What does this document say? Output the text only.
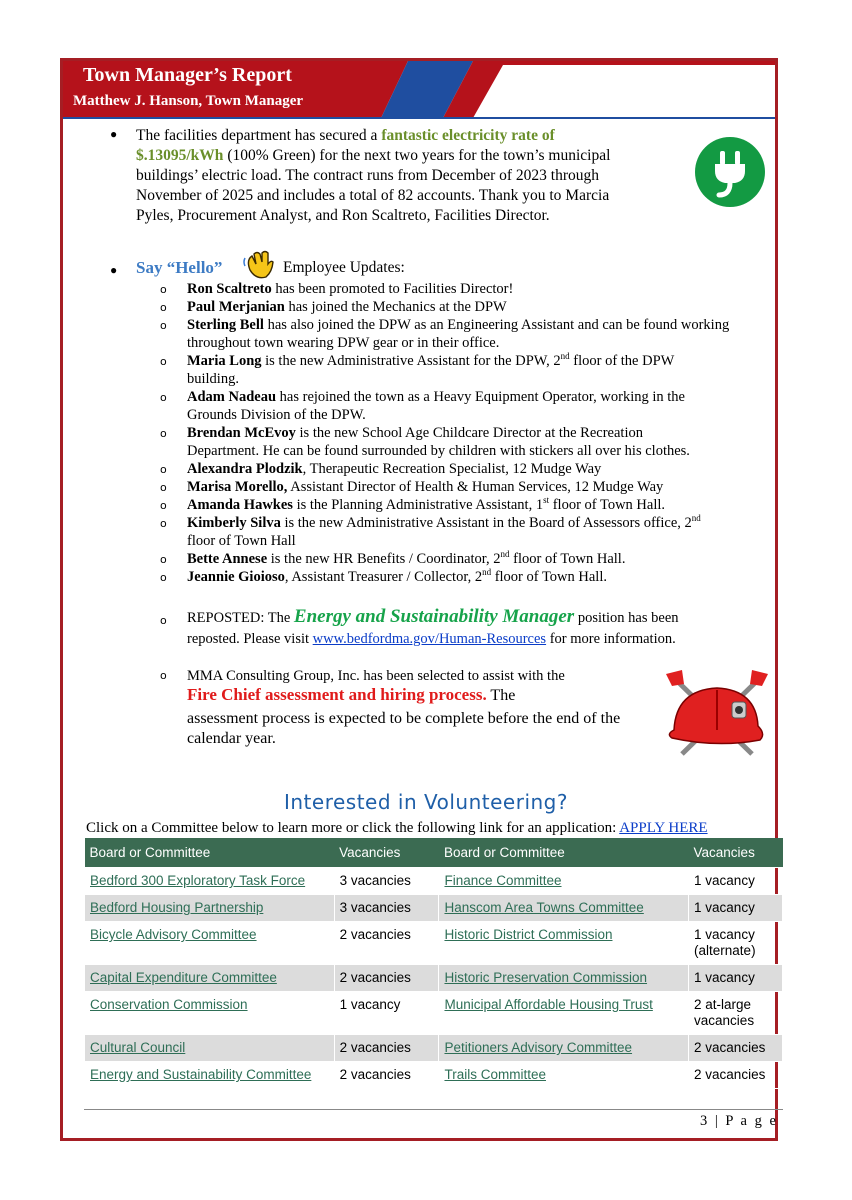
Town Manager’s Report
Matthew J. Hanson, Town Manager
● The facilities department has secured a fantastic electricity rate of
$.13095/kWh (100% Green) for the next two years for the town’s municipal
buildings’ electric load. The contract runs from December of 2023 through
November of 2025 and includes a total of 82 accounts. Thank you to Marcia
Pyles, Procurement Analyst, and Ron Scaltreto, Facilities Director.
● Say “Hello”	Employee Updates:
o Ron Scaltreto has been promoted to Facilities Director!
o Paul Merjanian has joined the Mechanics at the DPW
o Sterling Bell has also joined the DPW as an Engineering Assistant and can be found working
throughout town wearing DPW gear or in their office.
o Maria Long is the new Administrative Assistant for the DPW, 2nd floor of the DPW
building.
o Adam Nadeau has rejoined the town as a Heavy Equipment Operator, working in the
Grounds Division of the DPW.
o Brendan McEvoy is the new School Age Childcare Director at the Recreation
Department. He can be found surrounded by children with stickers all over his clothes.
o Alexandra Plodzik, Therapeutic Recreation Specialist, 12 Mudge Way
o Marisa Morello, Assistant Director of Health & Human Services, 12 Mudge Way
o Amanda Hawkes is the Planning Administrative Assistant, 1st floor of Town Hall.
o Kimberly Silva is the new Administrative Assistant in the Board of Assessors office, 2nd
floor of Town Hall
o Bette Annese is the new HR Benefits / Coordinator, 2nd floor of Town Hall.
o Jeannie Gioioso, Assistant Treasurer / Collector, 2nd floor of Town Hall.
o REPOSTED: The Energy and Sustainability Manager position has been
reposted. Please visit www.bedfordma.gov/Human-Resources for more information.
o MMA Consulting Group, Inc. has been selected to assist with the
Fire Chief assessment and hiring process. The
assessment process is expected to be complete before the end of the
calendar year.
Interested in Volunteering?
Click on a Committee below to learn more or click the following link for an application: APPLY HERE
Board or Committee	Vacancies	Board or Committee	Vacancies
Bedford 300 Exploratory Task Force	3 vacancies	Finance Committee	1 vacancy
Bedford Housing Partnership	3 vacancies	Hanscom Area Towns Committee	1 vacancy
Bicycle Advisory Committee	2 vacancies	Historic District Commission	1 vacancy (alternate)
Capital Expenditure Committee	2 vacancies	Historic Preservation Commission	1 vacancy
Conservation Commission	1 vacancy	Municipal Affordable Housing Trust	2 at-large vacancies
Cultural Council	2 vacancies	Petitioners Advisory Committee	2 vacancies
Energy and Sustainability Committee	2 vacancies	Trails Committee	2 vacancies
3 | P a g e
